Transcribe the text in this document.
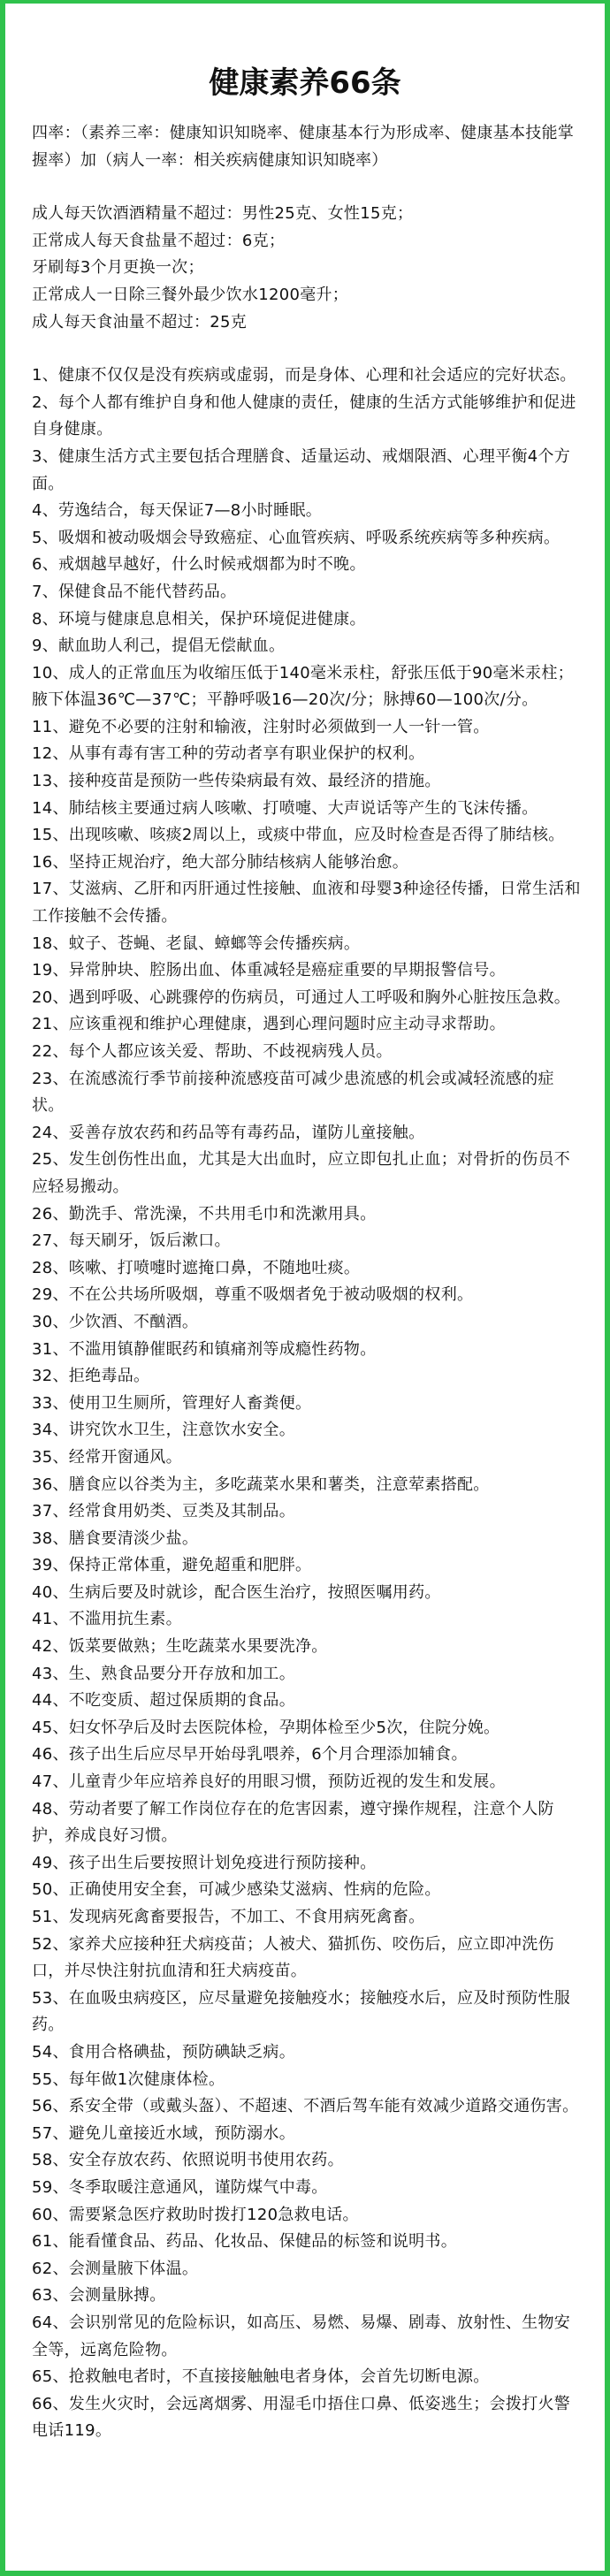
健康素养66条

四率：（素养三率：健康知识知晓率、健康基本行为形成率、健康基本技能掌握率）加（病人一率：相关疾病健康知识知晓率）

成人每天饮酒酒精量不超过：男性25克、女性15克；

正常成人每天食盐量不超过：6克；

牙刷每3个月更换一次；

正常成人一日除三餐外最少饮水1200毫升；

成人每天食油量不超过：25克

1、健康不仅仅是没有疾病或虚弱，而是身体、心理和社会适应的完好状态。

2、每个人都有维护自身和他人健康的责任，健康的生活方式能够维护和促进自身健康。

3、健康生活方式主要包括合理膳食、适量运动、戒烟限酒、心理平衡4个方面。

4、劳逸结合，每天保证7—8小时睡眠。

5、吸烟和被动吸烟会导致癌症、心血管疾病、呼吸系统疾病等多种疾病。

6、戒烟越早越好，什么时候戒烟都为时不晚。

7、保健食品不能代替药品。

8、环境与健康息息相关，保护环境促进健康。

9、献血助人利己，提倡无偿献血。

10、成人的正常血压为收缩压低于140毫米汞柱，舒张压低于90毫米汞柱；腋下体温36℃—37℃；平静呼吸16—20次/分；脉搏60—100次/分。

11、避免不必要的注射和输液，注射时必须做到一人一针一管。

12、从事有毒有害工种的劳动者享有职业保护的权利。

13、接种疫苗是预防一些传染病最有效、最经济的措施。

14、肺结核主要通过病人咳嗽、打喷嚏、大声说话等产生的飞沫传播。

15、出现咳嗽、咳痰2周以上，或痰中带血，应及时检查是否得了肺结核。

16、坚持正规治疗，绝大部分肺结核病人能够治愈。

17、艾滋病、乙肝和丙肝通过性接触、血液和母婴3种途径传播，日常生活和工作接触不会传播。

18、蚊子、苍蝇、老鼠、蟑螂等会传播疾病。

19、异常肿块、腔肠出血、体重减轻是癌症重要的早期报警信号。

20、遇到呼吸、心跳骤停的伤病员，可通过人工呼吸和胸外心脏按压急救。

21、应该重视和维护心理健康，遇到心理问题时应主动寻求帮助。

22、每个人都应该关爱、帮助、不歧视病残人员。

23、在流感流行季节前接种流感疫苗可减少患流感的机会或减轻流感的症状。

24、妥善存放农药和药品等有毒药品，谨防儿童接触。

25、发生创伤性出血，尤其是大出血时，应立即包扎止血；对骨折的伤员不应轻易搬动。

26、勤洗手、常洗澡，不共用毛巾和洗漱用具。

27、每天刷牙，饭后漱口。

28、咳嗽、打喷嚏时遮掩口鼻，不随地吐痰。

29、不在公共场所吸烟，尊重不吸烟者免于被动吸烟的权利。

30、少饮酒、不酗酒。

31、不滥用镇静催眠药和镇痛剂等成瘾性药物。

32、拒绝毒品。

33、使用卫生厕所，管理好人畜粪便。

34、讲究饮水卫生，注意饮水安全。

35、经常开窗通风。

36、膳食应以谷类为主，多吃蔬菜水果和薯类，注意荤素搭配。

37、经常食用奶类、豆类及其制品。

38、膳食要清淡少盐。

39、保持正常体重，避免超重和肥胖。

40、生病后要及时就诊，配合医生治疗，按照医嘱用药。

41、不滥用抗生素。

42、饭菜要做熟；生吃蔬菜水果要洗净。

43、生、熟食品要分开存放和加工。

44、不吃变质、超过保质期的食品。

45、妇女怀孕后及时去医院体检，孕期体检至少5次，住院分娩。

46、孩子出生后应尽早开始母乳喂养，6个月合理添加辅食。

47、儿童青少年应培养良好的用眼习惯，预防近视的发生和发展。

48、劳动者要了解工作岗位存在的危害因素，遵守操作规程，注意个人防护，养成良好习惯。

49、孩子出生后要按照计划免疫进行预防接种。

50、正确使用安全套，可减少感染艾滋病、性病的危险。

51、发现病死禽畜要报告，不加工、不食用病死禽畜。

52、家养犬应接种狂犬病疫苗；人被犬、猫抓伤、咬伤后，应立即冲洗伤口，并尽快注射抗血清和狂犬病疫苗。

53、在血吸虫病疫区，应尽量避免接触疫水；接触疫水后，应及时预防性服药。

54、食用合格碘盐，预防碘缺乏病。

55、每年做1次健康体检。

56、系安全带（或戴头盔）、不超速、不酒后驾车能有效减少道路交通伤害。

57、避免儿童接近水域，预防溺水。

58、安全存放农药、依照说明书使用农药。

59、冬季取暖注意通风，谨防煤气中毒。

60、需要紧急医疗救助时拨打120急救电话。

61、能看懂食品、药品、化妆品、保健品的标签和说明书。

62、会测量腋下体温。

63、会测量脉搏。

64、会识别常见的危险标识，如高压、易燃、易爆、剧毒、放射性、生物安全等，远离危险物。

65、抢救触电者时，不直接接触触电者身体，会首先切断电源。

66、发生火灾时，会远离烟雾、用湿毛巾捂住口鼻、低姿逃生；会拨打火警电话119。
